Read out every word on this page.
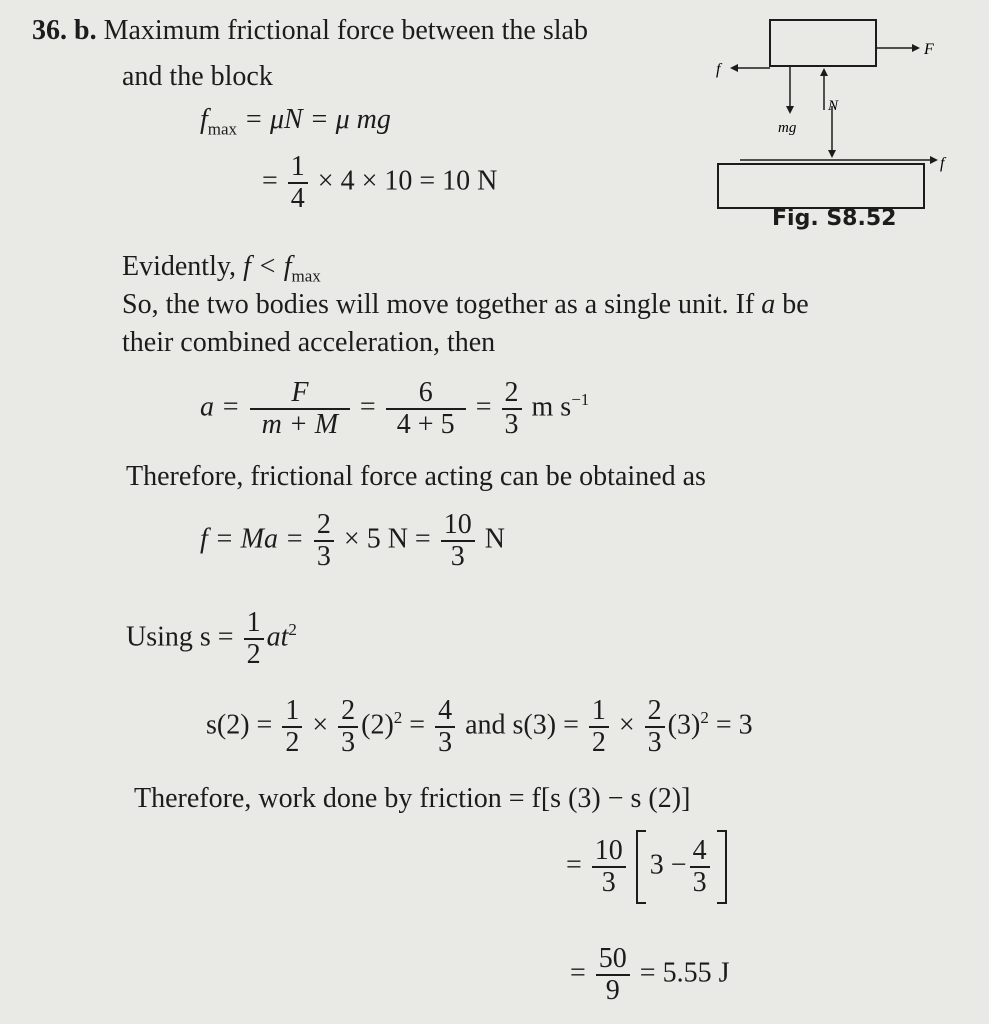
36. b. Maximum frictional force between the slab
and the block
$f_{max} = \mu N = \mu$ mg
= $\frac{1}{4} \times 4 \times 10 = 10$ N
F
f
mg
N
f
Fig. S8.52
Evidently, $f < f_{max}$
So, the two bodies will move together as a single unit. If a be
their combined acceleration, then
$a = \frac{F}{m + M} = \frac{6}{4 + 5} = \frac{2}{3}$ m $s^{-1}$
Therefore, frictional force acting can be obtained as
$f = Ma = \frac{2}{3} \times 5$ $N = \frac{10}{3}$ N
Using $s = \frac{1}{2} at^2$
$s(2) = \frac{1}{2} \times \frac{2}{3} (2)^2 = \frac{4}{3}$ and $s(3) = \frac{1}{2} \times \frac{2}{3} (3)^2 = 3$
Therefore, work done by friction = f[s (3) − s (2)]
= $\frac{10}{3} 3 - \frac{4}{3}$
= $\frac{50}{9} = 5.55$ J
